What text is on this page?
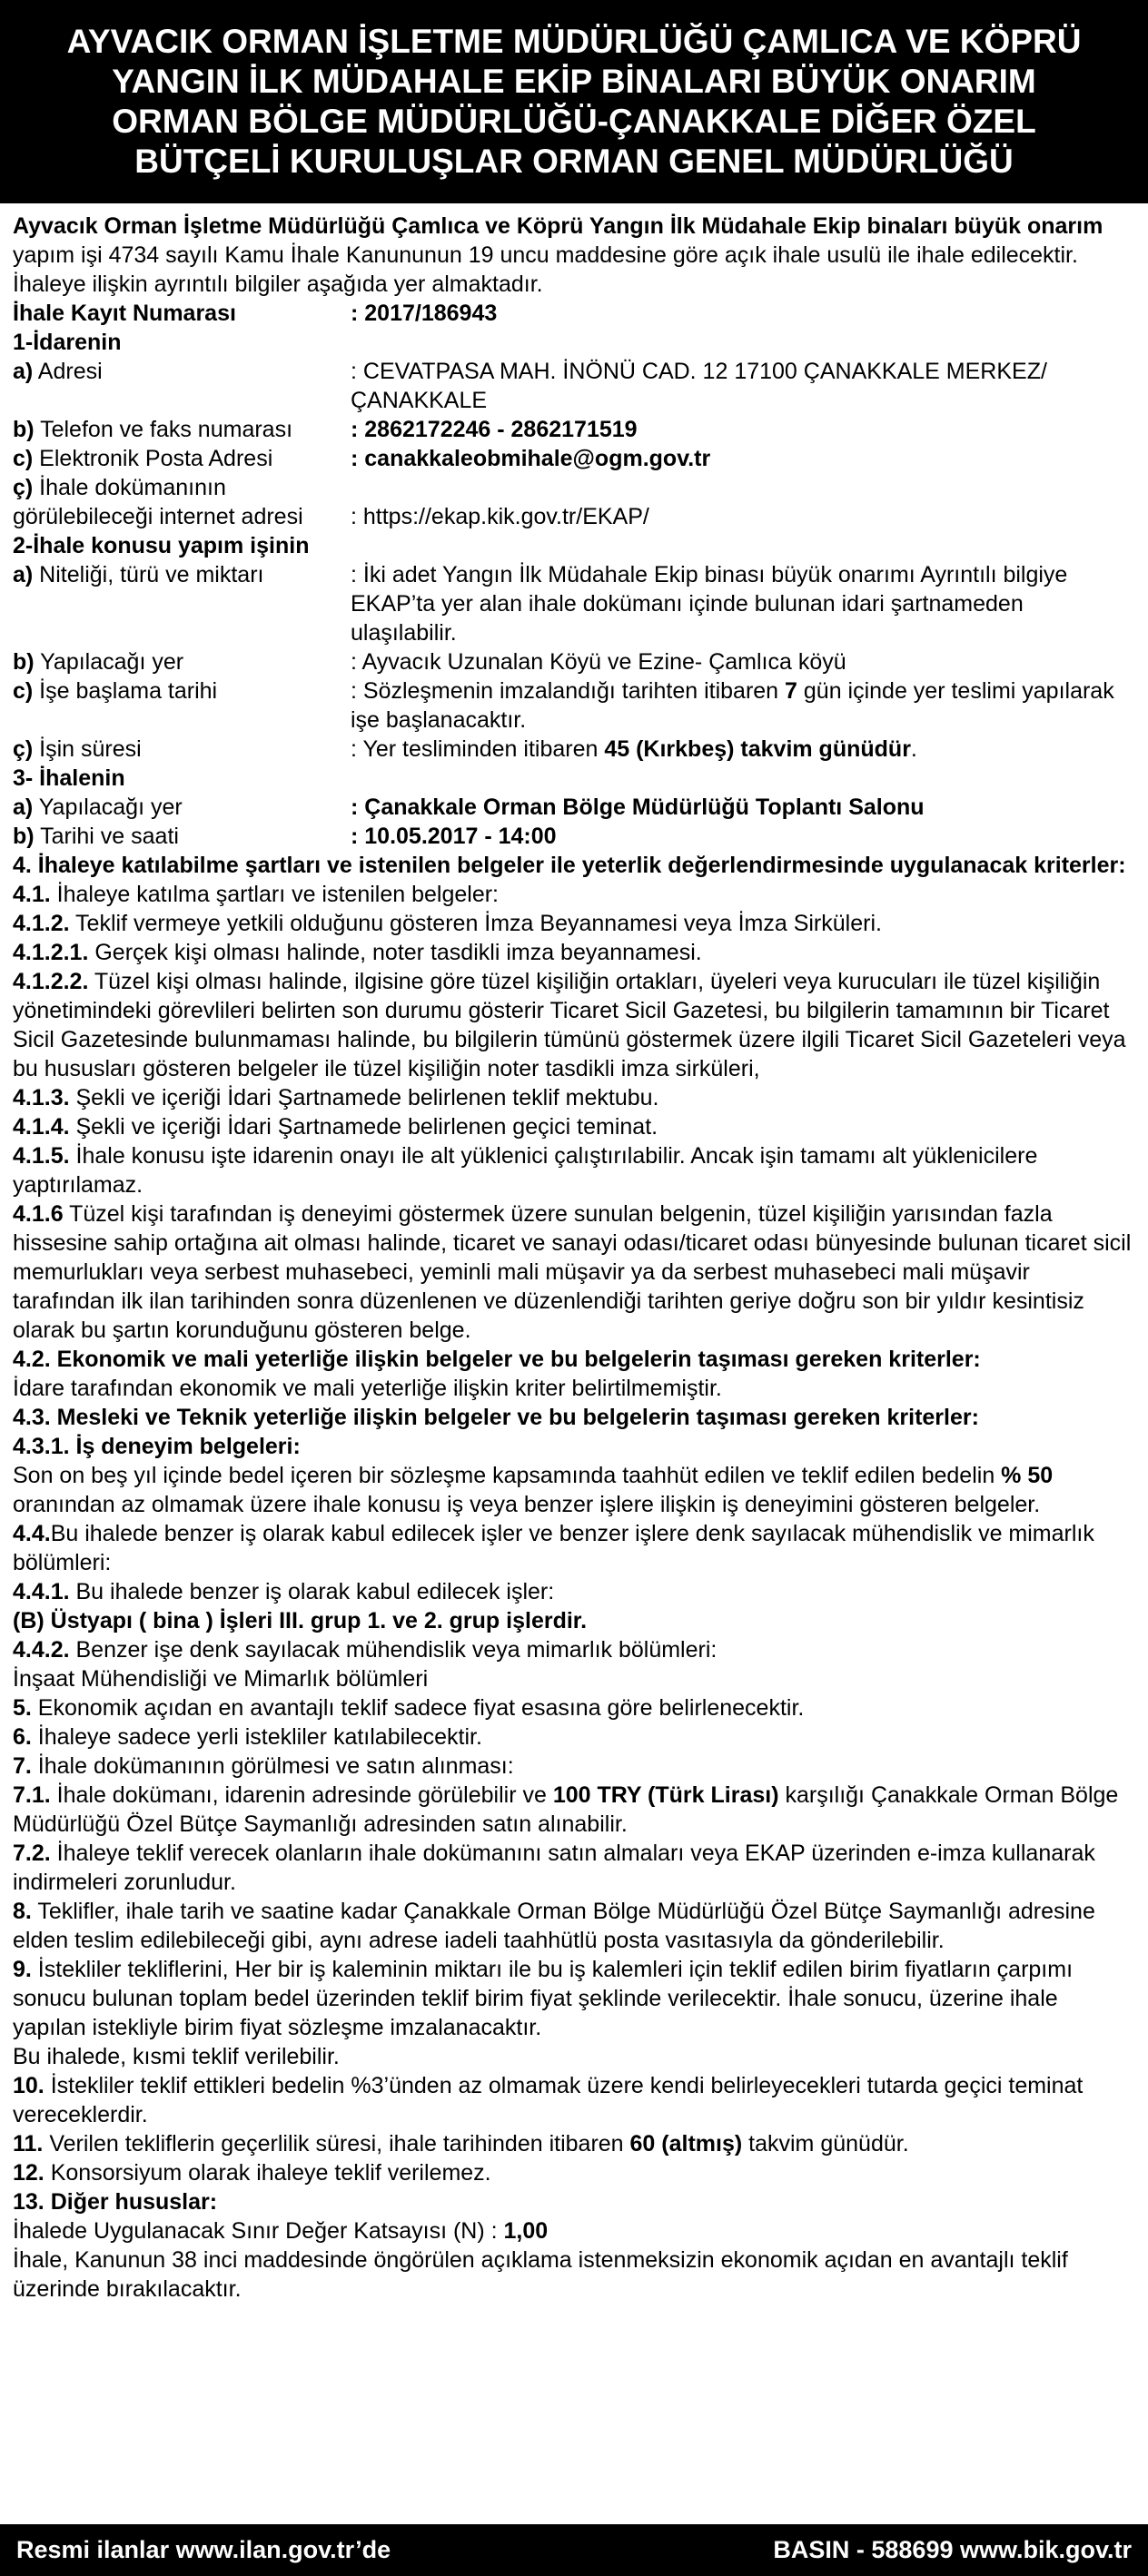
AYVACIK ORMAN İŞLETME MÜDÜRLÜĞÜ ÇAMLICA VE KÖPRÜ
YANGIN İLK MÜDAHALE EKİP BİNALARI BÜYÜK ONARIM
ORMAN BÖLGE MÜDÜRLÜĞÜ-ÇANAKKALE DİĞER ÖZEL
BÜTÇELİ KURULUŞLAR ORMAN GENEL MÜDÜRLÜĞÜ

Ayvacık Orman İşletme Müdürlüğü Çamlıca ve Köprü Yangın İlk Müdahale Ekip binaları büyük onarım yapım işi 4734 sayılı Kamu İhale Kanununun 19 uncu maddesine göre açık ihale usulü ile ihale edilecektir. İhaleye ilişkin ayrıntılı bilgiler aşağıda yer almaktadır.

İhale Kayıt Numarası	: 2017/186943

1-İdarenin

a) Adresi	: CEVATPASA MAH. İNÖNÜ CAD. 12 17100 ÇANAKKALE MERKEZ/ÇANAKKALE
b) Telefon ve faks numarası	: 2862172246 - 2862171519
c) Elektronik Posta Adresi	: canakkaleobmihale@ogm.gov.tr
ç) İhale dokümanının
görülebileceği internet adresi	: https://ekap.kik.gov.tr/EKAP/

2-İhale konusu yapım işinin

a) Niteliği, türü ve miktarı	: İki adet Yangın İlk Müdahale Ekip binası büyük onarımı Ayrıntılı bilgiye EKAP’ta yer alan ihale dokümanı içinde bulunan idari şartnameden ulaşılabilir.
b) Yapılacağı yer	: Ayvacık Uzunalan Köyü ve Ezine- Çamlıca köyü
c) İşe başlama tarihi	: Sözleşmenin imzalandığı tarihten itibaren 7 gün içinde yer teslimi yapılarak işe başlanacaktır.
ç) İşin süresi	: Yer tesliminden itibaren 45 (Kırkbeş) takvim günüdür.

3- İhalenin

a) Yapılacağı yer	: Çanakkale Orman Bölge Müdürlüğü Toplantı Salonu
b) Tarihi ve saati	: 10.05.2017 - 14:00

4. İhaleye katılabilme şartları ve istenilen belgeler ile yeterlik değerlendirmesinde uygulanacak kriterler:

4.1. İhaleye katılma şartları ve istenilen belgeler:

4.1.2. Teklif vermeye yetkili olduğunu gösteren İmza Beyannamesi veya İmza Sirküleri.

4.1.2.1. Gerçek kişi olması halinde, noter tasdikli imza beyannamesi.

4.1.2.2. Tüzel kişi olması halinde, ilgisine göre tüzel kişiliğin ortakları, üyeleri veya kurucuları ile tüzel kişiliğin yönetimindeki görevlileri belirten son durumu gösterir Ticaret Sicil Gazetesi, bu bilgilerin tamamının bir Ticaret Sicil Gazetesinde bulunmaması halinde, bu bilgilerin tümünü göstermek üzere ilgili Ticaret Sicil Gazeteleri veya bu hususları gösteren belgeler ile tüzel kişiliğin noter tasdikli imza sirküleri,

4.1.3. Şekli ve içeriği İdari Şartnamede belirlenen teklif mektubu.

4.1.4. Şekli ve içeriği İdari Şartnamede belirlenen geçici teminat.

4.1.5. İhale konusu işte idarenin onayı ile alt yüklenici çalıştırılabilir. Ancak işin tamamı alt yüklenicilere yaptırılamaz.

4.1.6 Tüzel kişi tarafından iş deneyimi göstermek üzere sunulan belgenin, tüzel kişiliğin yarısından fazla hissesine sahip ortağına ait olması halinde, ticaret ve sanayi odası/ticaret odası bünyesinde bulunan ticaret sicil memurlukları veya serbest muhasebeci, yeminli mali müşavir ya da serbest muhasebeci mali müşavir tarafından ilk ilan tarihinden sonra düzenlenen ve düzenlendiği tarihten geriye doğru son bir yıldır kesintisiz olarak bu şartın korunduğunu gösteren belge.

4.2. Ekonomik ve mali yeterliğe ilişkin belgeler ve bu belgelerin taşıması gereken kriterler:

İdare tarafından ekonomik ve mali yeterliğe ilişkin kriter belirtilmemiştir.

4.3. Mesleki ve Teknik yeterliğe ilişkin belgeler ve bu belgelerin taşıması gereken kriterler:

4.3.1. İş deneyim belgeleri:

Son on beş yıl içinde bedel içeren bir sözleşme kapsamında taahhüt edilen ve teklif edilen bedelin % 50 oranından az olmamak üzere ihale konusu iş veya benzer işlere ilişkin iş deneyimini gösteren belgeler.

4.4.Bu ihalede benzer iş olarak kabul edilecek işler ve benzer işlere denk sayılacak mühendislik ve mimarlık bölümleri:

4.4.1. Bu ihalede benzer iş olarak kabul edilecek işler:

(B) Üstyapı ( bina ) İşleri III. grup 1. ve 2. grup işlerdir.

4.4.2. Benzer işe denk sayılacak mühendislik veya mimarlık bölümleri:

İnşaat Mühendisliği ve Mimarlık bölümleri

5. Ekonomik açıdan en avantajlı teklif sadece fiyat esasına göre belirlenecektir.

6. İhaleye sadece yerli istekliler katılabilecektir.

7. İhale dokümanının görülmesi ve satın alınması:

7.1. İhale dokümanı, idarenin adresinde görülebilir ve 100 TRY (Türk Lirası) karşılığı Çanakkale Orman Bölge Müdürlüğü Özel Bütçe Saymanlığı adresinden satın alınabilir.

7.2. İhaleye teklif verecek olanların ihale dokümanını satın almaları veya EKAP üzerinden e-imza kullanarak indirmeleri zorunludur.

8. Teklifler, ihale tarih ve saatine kadar Çanakkale Orman Bölge Müdürlüğü Özel Bütçe Saymanlığı adresine elden teslim edilebileceği gibi, aynı adrese iadeli taahhütlü posta vasıtasıyla da gönderilebilir.

9. İstekliler tekliflerini, Her bir iş kaleminin miktarı ile bu iş kalemleri için teklif edilen birim fiyatların çarpımı sonucu bulunan toplam bedel üzerinden teklif birim fiyat şeklinde verilecektir. İhale sonucu, üzerine ihale yapılan istekliyle birim fiyat sözleşme imzalanacaktır.

Bu ihalede, kısmi teklif verilebilir.

10. İstekliler teklif ettikleri bedelin %3’ünden az olmamak üzere kendi belirleyecekleri tutarda geçici teminat vereceklerdir.

11. Verilen tekliflerin geçerlilik süresi, ihale tarihinden itibaren 60 (altmış) takvim günüdür.

12. Konsorsiyum olarak ihaleye teklif verilemez.

13. Diğer hususlar:

İhalede Uygulanacak Sınır Değer Katsayısı (N) : 1,00

İhale, Kanunun 38 inci maddesinde öngörülen açıklama istenmeksizin ekonomik açıdan en avantajlı teklif üzerinde bırakılacaktır.

Resmi ilanlar www.ilan.gov.tr’de	BASIN - 588699 www.bik.gov.tr
